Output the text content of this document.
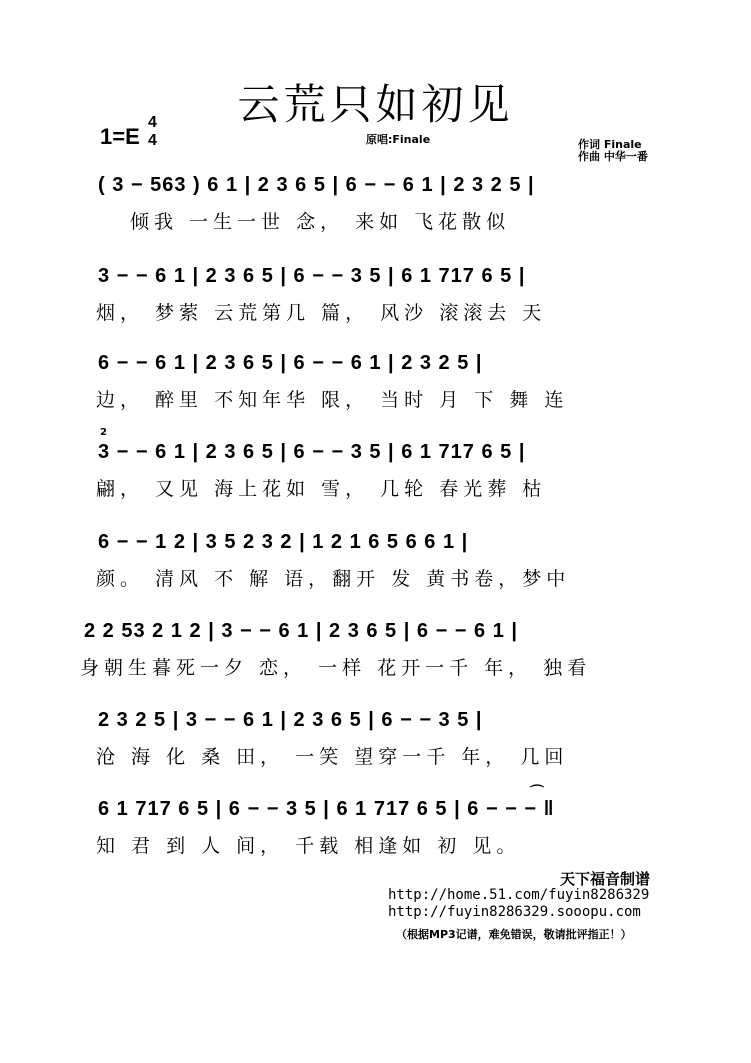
云荒只如初见
1=E
4
4	原唱:Finale	作词 Finale
作曲 中华一番
( 3 − 563 ) 6 1 | 2 3 6 5 | 6 − − 6 1 | 2 3 2 5 |
倾我 一生一世 念， 来如 飞花散似
3 − − 6 1 | 2 3 6 5 | 6 − − 3 5 | 6 1 717 6 5 |
烟， 梦萦 云荒第几 篇， 风沙 滚滚去 天
6 − − 6 1 | 2 3 6 5 | 6 − − 6 1 | 2 3 2 5 |
边， 醉里 不知年华 限， 当时 月 下 舞 连
2
3 − − 6 1 | 2 3 6 5 | 6 − − 3 5 | 6 1 717 6 5 |
翩， 又见 海上花如 雪， 几轮 春光葬 枯
6 − − 1 2 | 3 5 2 3 2 | 1 2 1 6 5 6 6 1 |
颜。 清风 不 解 语，翻开 发 黄书卷，梦中
2 2 53 2 1 2 | 3 − − 6 1 | 2 3 6 5 | 6 − − 6 1 |
身朝生暮死一夕 恋， 一样 花开一千 年， 独看
2 3 2 5 | 3 − − 6 1 | 2 3 6 5 | 6 − − 3 5 |
沧 海 化 桑 田， 一笑 望穿一千 年， 几回
⌒
6 1 717 6 5 | 6 − − 3 5 | 6 1 717 6 5 | 6 − − − ‖
知 君 到 人 间， 千载 相逢如 初 见。
天下福音制谱
http://home.51.com/fuyin8286329
http://fuyin8286329.sooopu.com
（根据MP3记谱，难免错误，敬请批评指正！）
